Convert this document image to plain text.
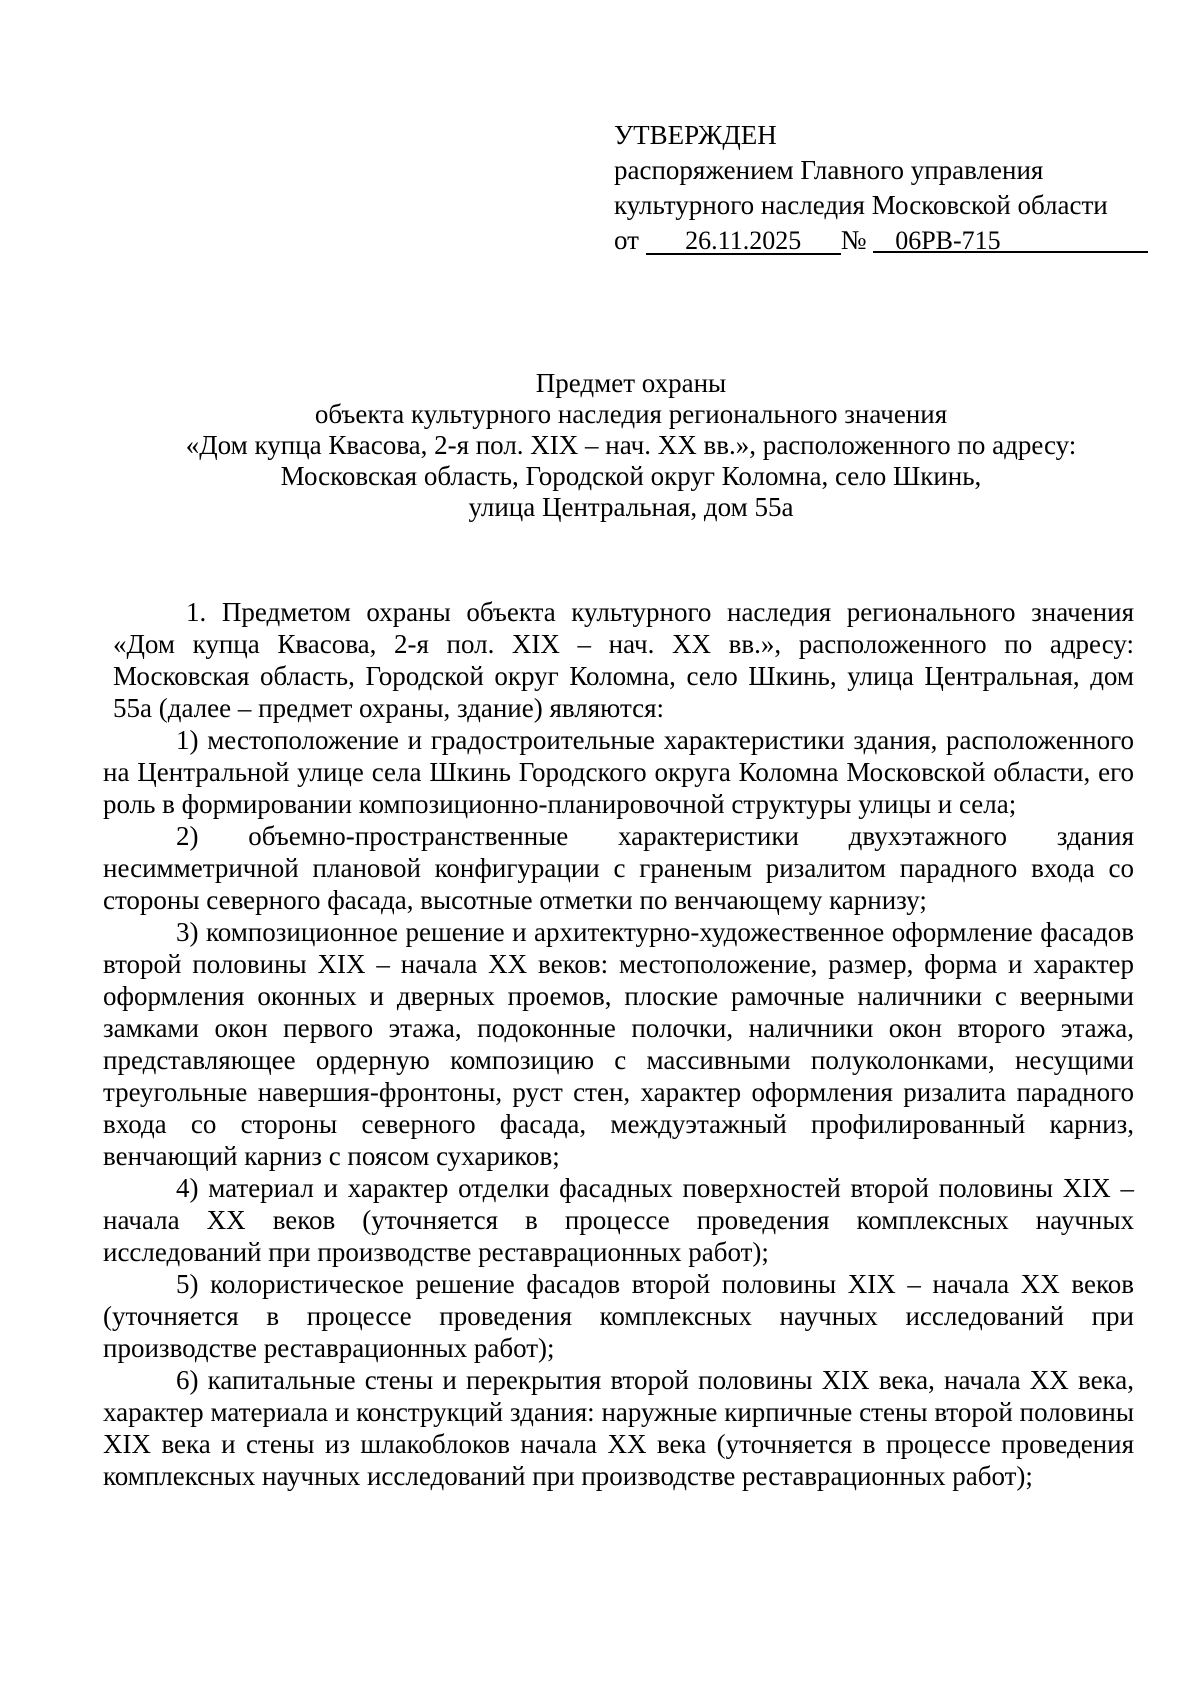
УТВЕРЖДЕН
распоряжением Главного управления
культурного наследия Московской области
от 26.11.2025 № 06РВ-715
Предмет охраны
объекта культурного наследия регионального значения
«Дом купца Квасова, 2-я пол. XIX – нач. XX вв.», расположенного по адресу:
Московская область, Городской округ Коломна, село Шкинь,
улица Центральная, дом 55а

1. Предметом охраны объекта культурного наследия регионального значения «Дом купца Квасова, 2-я пол. XIX – нач. XX вв.», расположенного по адресу: Московская область, Городской округ Коломна, село Шкинь, улица Центральная, дом 55а (далее – предмет охраны, здание) являются:

1) местоположение и градостроительные характеристики здания, расположенного на Центральной улице села Шкинь Городского округа Коломна Московской области, его роль в формировании композиционно-планировочной структуры улицы и села;

2) объемно-пространственные характеристики двухэтажного здания несимметричной плановой конфигурации с граненым ризалитом парадного входа со стороны северного фасада, высотные отметки по венчающему карнизу;

3) композиционное решение и архитектурно-художественное оформление фасадов второй половины XIX – начала XX веков: местоположение, размер, форма и характер оформления оконных и дверных проемов, плоские рамочные наличники с веерными замками окон первого этажа, подоконные полочки, наличники окон второго этажа, представляющее ордерную композицию с массивными полуколонками, несущими треугольные навершия-фронтоны, руст стен, характер оформления ризалита парадного входа со стороны северного фасада, междуэтажный профилированный карниз, венчающий карниз с поясом сухариков;

4) материал и характер отделки фасадных поверхностей второй половины XIX – начала XX веков (уточняется в процессе проведения комплексных научных исследований при производстве реставрационных работ);

5) колористическое решение фасадов второй половины XIX – начала XX веков (уточняется в процессе проведения комплексных научных исследований при производстве реставрационных работ);

6) капитальные стены и перекрытия второй половины XIX века, начала XX века, характер материала и конструкций здания: наружные кирпичные стены второй половины XIX века и стены из шлакоблоков начала XX века (уточняется в процессе проведения комплексных научных исследований при производстве реставрационных работ);
